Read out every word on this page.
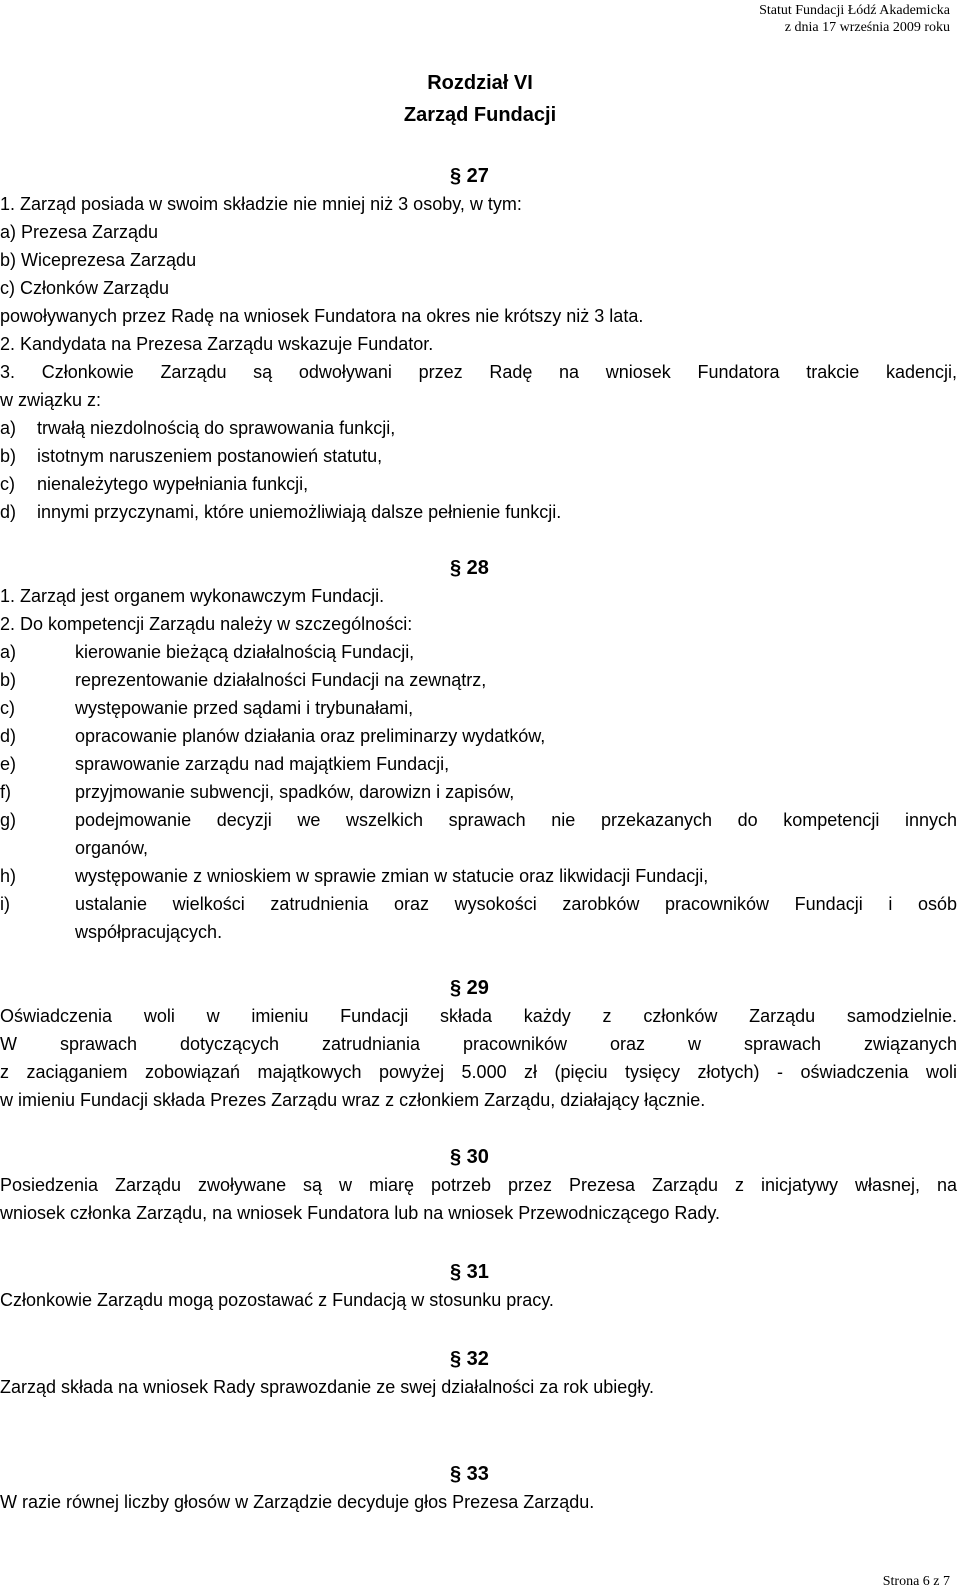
Statut Fundacji Łódź Akademicka
z dnia 17 września 2009 roku
Rozdział VI
Zarząd Fundacji
§ 27
1. Zarząd posiada w swoim składzie nie mniej niż 3 osoby, w tym:
a) Prezesa Zarządu
b) Wiceprezesa Zarządu
c) Członków Zarządu
powoływanych przez Radę na wniosek Fundatora na okres nie krótszy niż 3 lata.
2. Kandydata na Prezesa Zarządu wskazuje Fundator.
3. Członkowie Zarządu są odwoływani przez Radę na wniosek Fundatora trakcie kadencji,
w związku z:
a) trwałą niezdolnością do sprawowania funkcji,
b) istotnym naruszeniem postanowień statutu,
c) nienależytego wypełniania funkcji,
d) innymi przyczynami, które uniemożliwiają dalsze pełnienie funkcji.
§ 28
1. Zarząd jest organem wykonawczym Fundacji.
2. Do kompetencji Zarządu należy w szczególności:
a)	kierowanie bieżącą działalnością Fundacji,
b)	reprezentowanie działalności Fundacji na zewnątrz,
c)	występowanie przed sądami i trybunałami,
d)	opracowanie planów działania oraz preliminarzy wydatków,
e)	sprawowanie zarządu nad majątkiem Fundacji,
f)	przyjmowanie subwencji, spadków, darowizn i zapisów,
g)	podejmowanie decyzji we wszelkich sprawach nie przekazanych do kompetencji innych
organów,
h)	występowanie z wnioskiem w sprawie zmian w statucie oraz likwidacji Fundacji,
i)	ustalanie wielkości zatrudnienia oraz wysokości zarobków pracowników Fundacji i osób
współpracujących.
§ 29
Oświadczenia woli w imieniu Fundacji składa każdy z członków Zarządu samodzielnie.
W sprawach dotyczących zatrudniania pracowników oraz w sprawach związanych
z zaciąganiem zobowiązań majątkowych powyżej 5.000 zł (pięciu tysięcy złotych) - oświadczenia woli
w imieniu Fundacji składa Prezes Zarządu wraz z członkiem Zarządu, działający łącznie.
§ 30
Posiedzenia Zarządu zwoływane są w miarę potrzeb przez Prezesa Zarządu z inicjatywy własnej, na
wniosek członka Zarządu, na wniosek Fundatora lub na wniosek Przewodniczącego Rady.
§ 31
Członkowie Zarządu mogą pozostawać z Fundacją w stosunku pracy.
§ 32
Zarząd składa na wniosek Rady sprawozdanie ze swej działalności za rok ubiegły.
§ 33
W razie równej liczby głosów w Zarządzie decyduje głos Prezesa Zarządu.
Strona 6 z 7
